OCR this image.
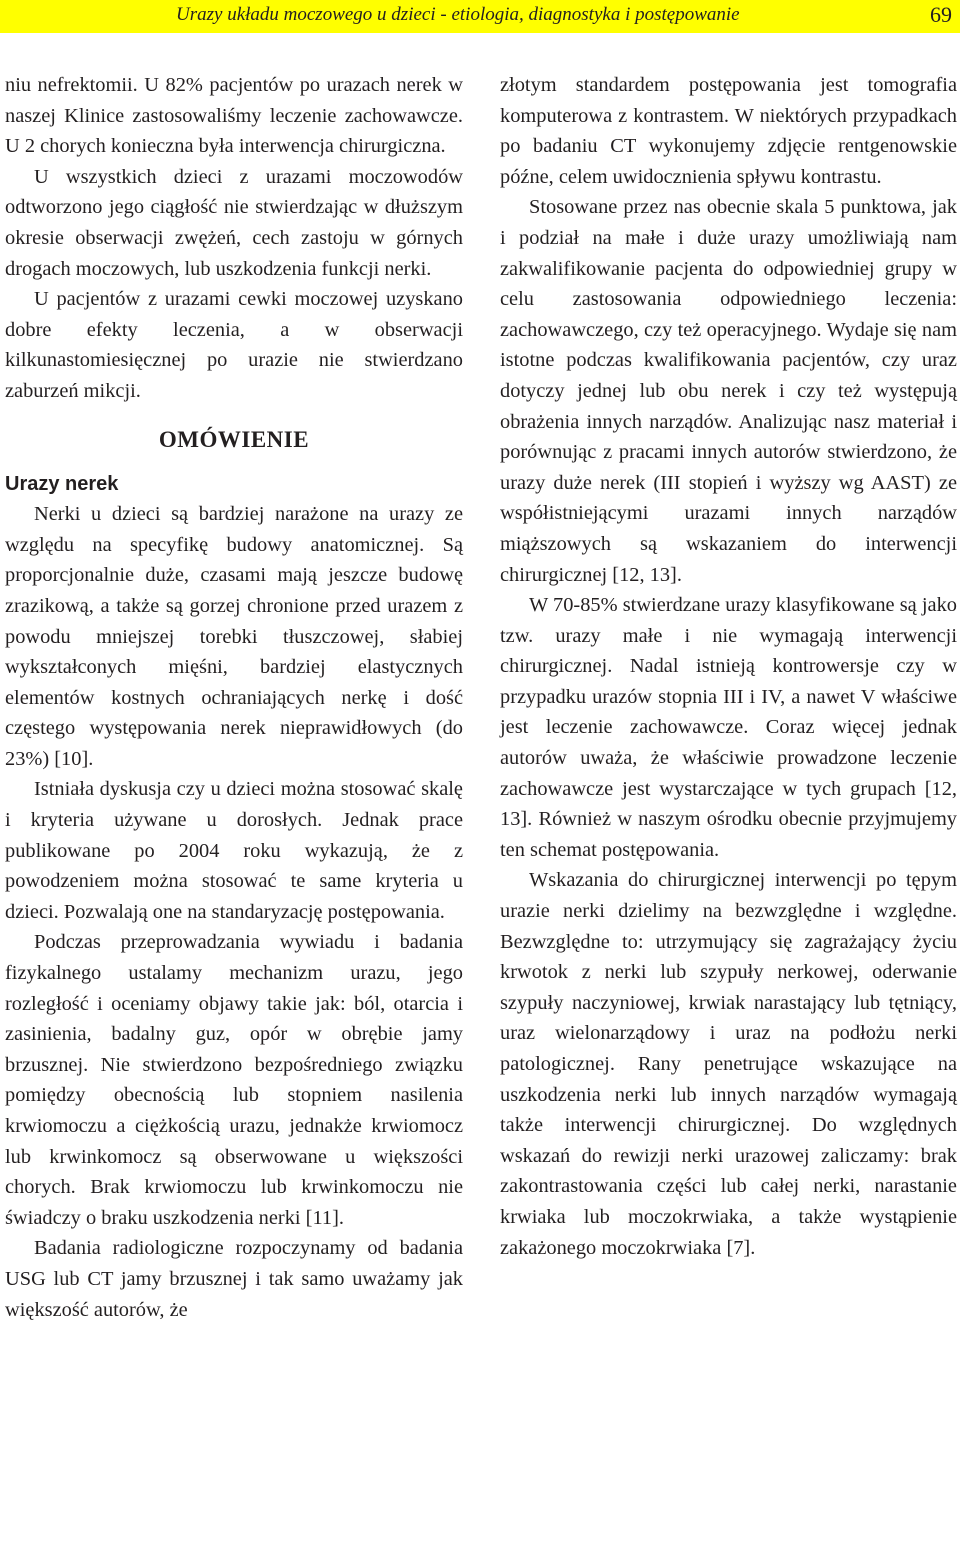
Urazy układu moczowego u dzieci - etiologia, diagnostyka i postępowanie	69

niu nefrektomii. U 82% pacjentów po urazach nerek w naszej Klinice zastosowaliśmy leczenie zachowawcze. U 2 chorych konieczna była interwencja chirurgiczna.

U wszystkich dzieci z urazami moczowodów odtworzono jego ciągłość nie stwierdzając w dłuższym okresie obserwacji zwężeń, cech zastoju w górnych drogach moczowych, lub uszkodzenia funkcji nerki.

U pacjentów z urazami cewki moczowej uzyskano dobre efekty leczenia, a w obserwacji kilkunastomiesięcznej po urazie nie stwierdzano zaburzeń mikcji.

OMÓWIENIE
Urazy nerek

Nerki u dzieci są bardziej narażone na urazy ze względu na specyfikę budowy anatomicznej. Są proporcjonalnie duże, czasami mają jeszcze budowę zrazikową, a także są gorzej chronione przed urazem z powodu mniejszej torebki tłuszczowej, słabiej wykształconych mięśni, bardziej elastycznych elementów kostnych ochraniających nerkę i dość częstego występowania nerek nieprawidłowych (do 23%) [10].

Istniała dyskusja czy u dzieci można stosować skalę i kryteria używane u dorosłych. Jednak prace publikowane po 2004 roku wykazują, że z powodzeniem można stosować te same kryteria u dzieci. Pozwalają one na standaryzację postępowania.

Podczas przeprowadzania wywiadu i badania fizykalnego ustalamy mechanizm urazu, jego rozległość i oceniamy objawy takie jak: ból, otarcia i zasinienia, badalny guz, opór w obrębie jamy brzusznej. Nie stwierdzono bezpośredniego związku pomiędzy obecnością lub stopniem nasilenia krwiomoczu a ciężkością urazu, jednakże krwiomocz lub krwinkomocz są obserwowane u większości chorych. Brak krwiomoczu lub krwinkomoczu nie świadczy o braku uszkodzenia nerki [11].

Badania radiologiczne rozpoczynamy od badania USG lub CT jamy brzusznej i tak samo uważamy jak większość autorów, że

złotym standardem postępowania jest tomografia komputerowa z kontrastem. W niektórych przypadkach po badaniu CT wykonujemy zdjęcie rentgenowskie późne, celem uwidocznienia spływu kontrastu.

Stosowane przez nas obecnie skala 5 punktowa, jak i podział na małe i duże urazy umożliwiają nam zakwalifikowanie pacjenta do odpowiedniej grupy w celu zastosowania odpowiedniego leczenia: zachowawczego, czy też operacyjnego. Wydaje się nam istotne podczas kwalifikowania pacjentów, czy uraz dotyczy jednej lub obu nerek i czy też występują obrażenia innych narządów. Analizując nasz materiał i porównując z pracami innych autorów stwierdzono, że urazy duże nerek (III stopień i wyższy wg AAST) ze współistniejącymi urazami innych narządów miąższowych są wskazaniem do interwencji chirurgicznej [12, 13].

W 70-85% stwierdzane urazy klasyfikowane są jako tzw. urazy małe i nie wymagają interwencji chirurgicznej. Nadal istnieją kontrowersje czy w przypadku urazów stopnia III i IV, a nawet V właściwe jest leczenie zachowawcze. Coraz więcej jednak autorów uważa, że właściwie prowadzone leczenie zachowawcze jest wystarczające w tych grupach [12, 13]. Również w naszym ośrodku obecnie przyjmujemy ten schemat postępowania.

Wskazania do chirurgicznej interwencji po tępym urazie nerki dzielimy na bezwzględne i względne. Bezwzględne to: utrzymujący się zagrażający życiu krwotok z nerki lub szypuły nerkowej, oderwanie szypuły naczyniowej, krwiak narastający lub tętniący, uraz wielonarządowy i uraz na podłożu nerki patologicznej. Rany penetrujące wskazujące na uszkodzenia nerki lub innych narządów wymagają także interwencji chirurgicznej. Do względnych wskazań do rewizji nerki urazowej zaliczamy: brak zakontrastowania części lub całej nerki, narastanie krwiaka lub moczokrwiaka, a także wystąpienie zakażonego moczokrwiaka [7].
